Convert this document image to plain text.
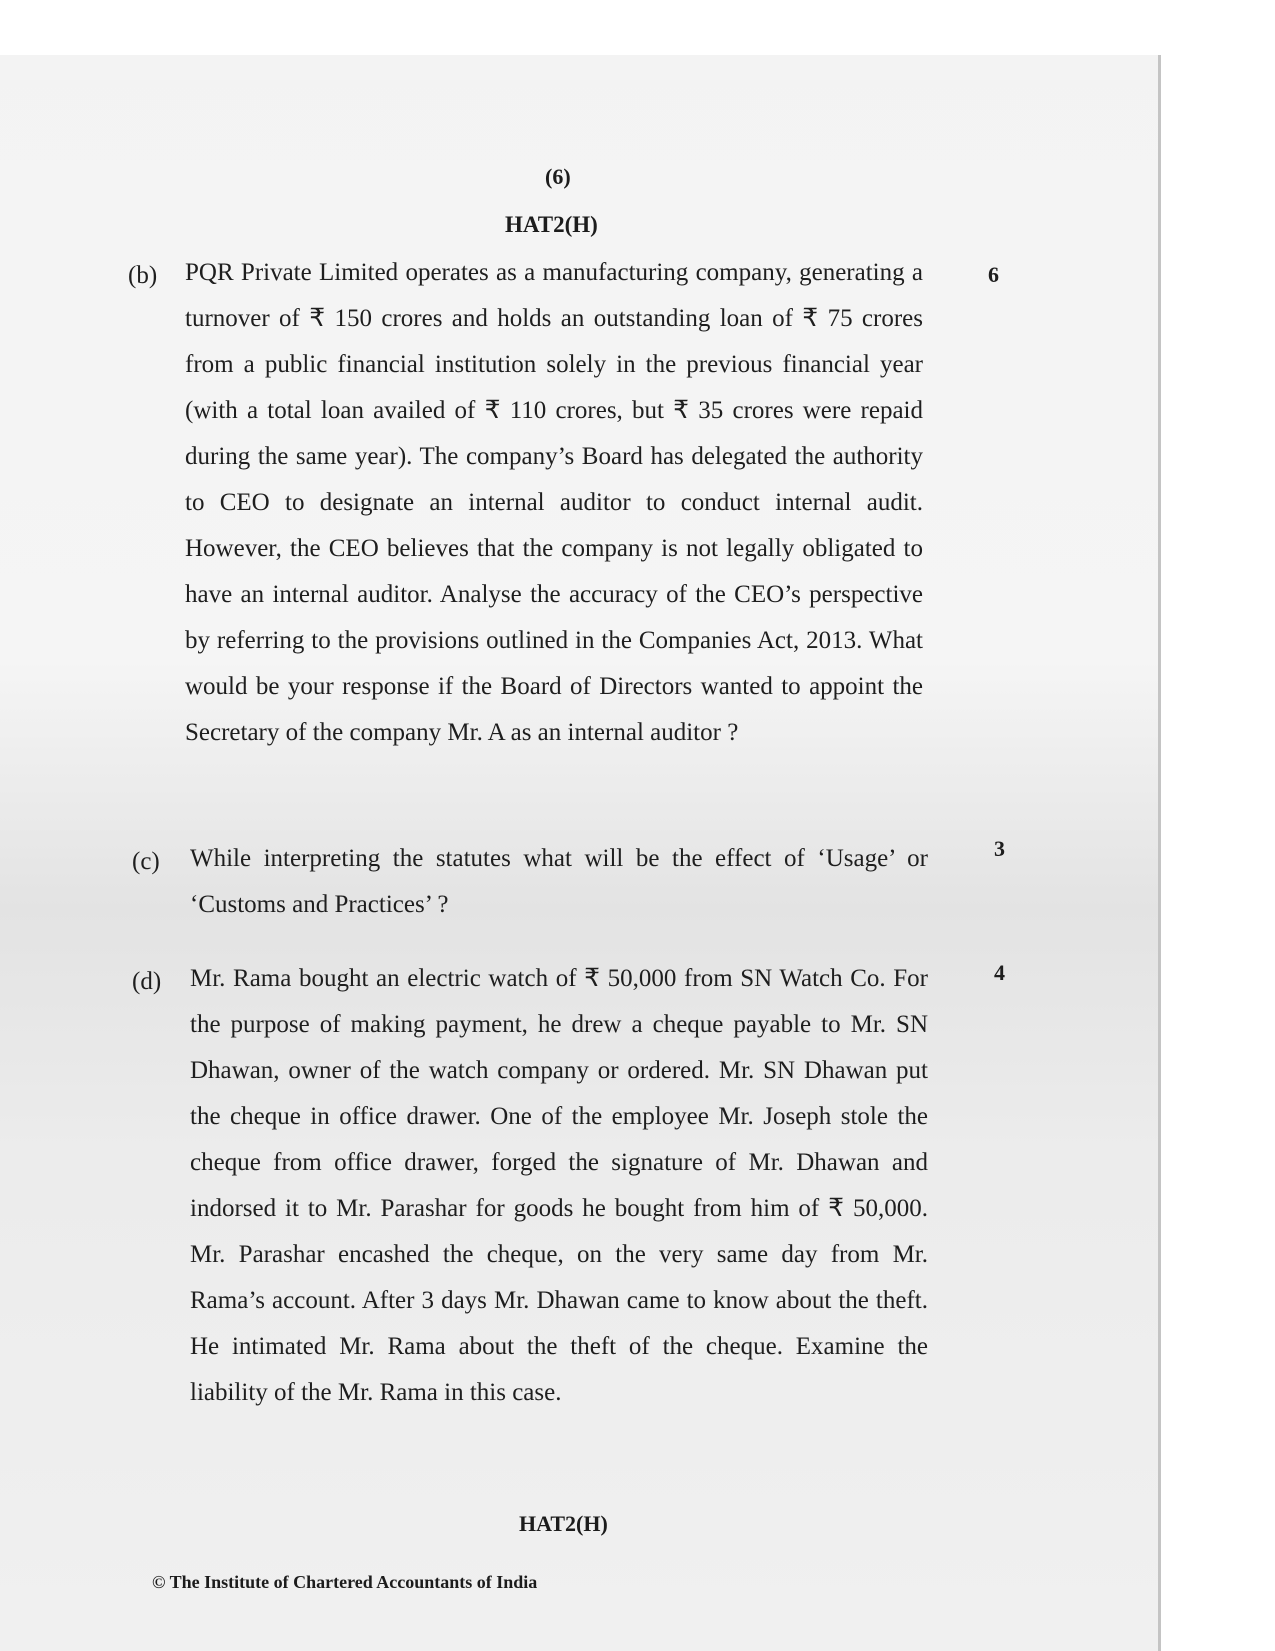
(6)
HAT2(H)
(b) PQR Private Limited operates as a manufacturing company, generating a turnover of ₹ 150 crores and holds an outstanding loan of ₹ 75 crores from a public financial institution solely in the previous financial year (with a total loan availed of ₹ 110 crores, but ₹ 35 crores were repaid during the same year). The company’s Board has delegated the authority to CEO to designate an internal auditor to conduct internal audit. However, the CEO believes that the company is not legally obligated to have an internal auditor. Analyse the accuracy of the CEO’s perspective by referring to the provisions outlined in the Companies Act, 2013. What would be your response if the Board of Directors wanted to appoint the Secretary of the company Mr. A as an internal auditor ?
6
(c) While interpreting the statutes what will be the effect of ‘Usage’ or ‘Customs and Practices’ ?
3
(d) Mr. Rama bought an electric watch of ₹ 50,000 from SN Watch Co. For the purpose of making payment, he drew a cheque payable to Mr. SN Dhawan, owner of the watch company or ordered. Mr. SN Dhawan put the cheque in office drawer. One of the employee Mr. Joseph stole the cheque from office drawer, forged the signature of Mr. Dhawan and indorsed it to Mr. Parashar for goods he bought from him of ₹ 50,000. Mr. Parashar encashed the cheque, on the very same day from Mr. Rama’s account. After 3 days Mr. Dhawan came to know about the theft. He intimated Mr. Rama about the theft of the cheque. Examine the liability of the Mr. Rama in this case.
4
HAT2(H)
© The Institute of Chartered Accountants of India
